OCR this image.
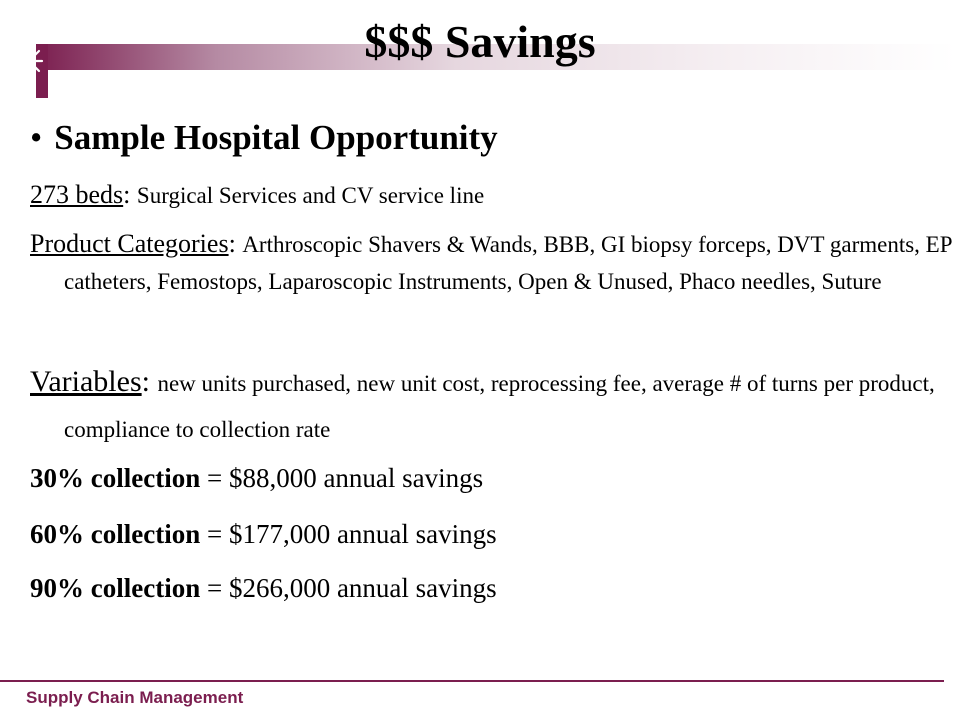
$$$ Savings
• Sample Hospital Opportunity
273 beds: Surgical Services and CV service line
Product Categories: Arthroscopic Shavers & Wands, BBB, GI biopsy forceps, DVT garments, EP catheters, Femostops, Laparoscopic Instruments, Open & Unused, Phaco needles, Suture
Variables: new units purchased, new unit cost, reprocessing fee, average # of turns per product, compliance to collection rate
30% collection = $88,000 annual savings
60% collection = $177,000 annual savings
90% collection = $266,000 annual savings
Supply Chain Management
